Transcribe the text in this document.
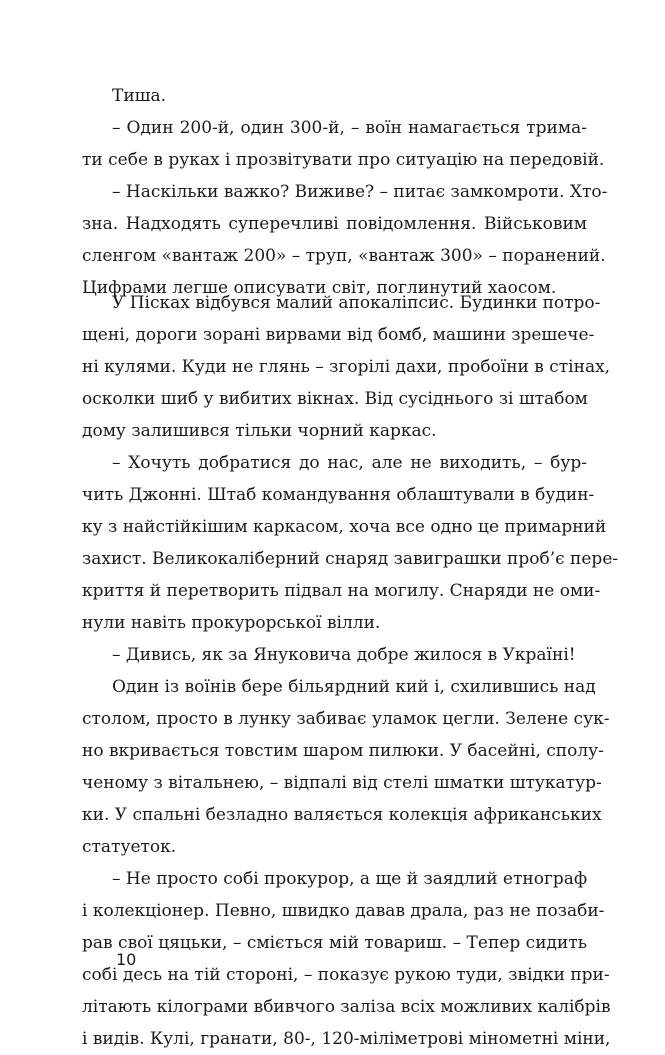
Тиша.
– Один 200-й, один 300-й, – воїн намагається трима-
ти себе в руках і прозвітувати про ситуацію на передовій.
– Наскільки важко? Виживе? – питає замкомроти. Хто-
зна. Надходять суперечливі повідомлення. Військовим
сленгом «вантаж 200» – труп, «вантаж 300» – поранений.
Цифрами легше описувати світ, поглинутий хаосом.
У Пісках відбувся малий апокаліпсис. Будинки потро-
щені, дороги зорані вирвами від бомб, машини зрешече-
ні кулями. Куди не глянь – згорілі дахи, пробоїни в стінах,
осколки шиб у вибитих вікнах. Від сусіднього зі штабом
дому залишився тільки чорний каркас.
– Хочуть добратися до нас, але не виходить, – бур-
чить Джонні. Штаб командування облаштували в будин-
ку з найстійкішим каркасом, хоча все одно це примарний
захист. Великокаліберний снаряд завиграшки проб’є пере-
криття й перетворить підвал на могилу. Снаряди не оми-
нули навіть прокурорської вілли.
– Дивись, як за Януковича добре жилося в Україні!
Один із воїнів бере більярдний кий і, схилившись над
столом, просто в лунку забиває уламок цегли. Зелене сук-
но вкривається товстим шаром пилюки. У басейні, сполу-
ченому з вітальнею, – відпалі від стелі шматки штукатур-
ки. У спальні безладно валяється колекція африканських
статуеток.
– Не просто собі прокурор, а ще й заядлий етнограф
і колекціонер. Певно, швидко давав драла, раз не позаби-
рав свої цяцьки, – сміється мій товариш. – Тепер сидить
собі десь на тій стороні, – показує рукою туди, звідки при-
літають кілограми вбивчого заліза всіх можливих калібрів
і видів. Кулі, гранати, 80-, 120-міліметрові мінометні міни,
10
